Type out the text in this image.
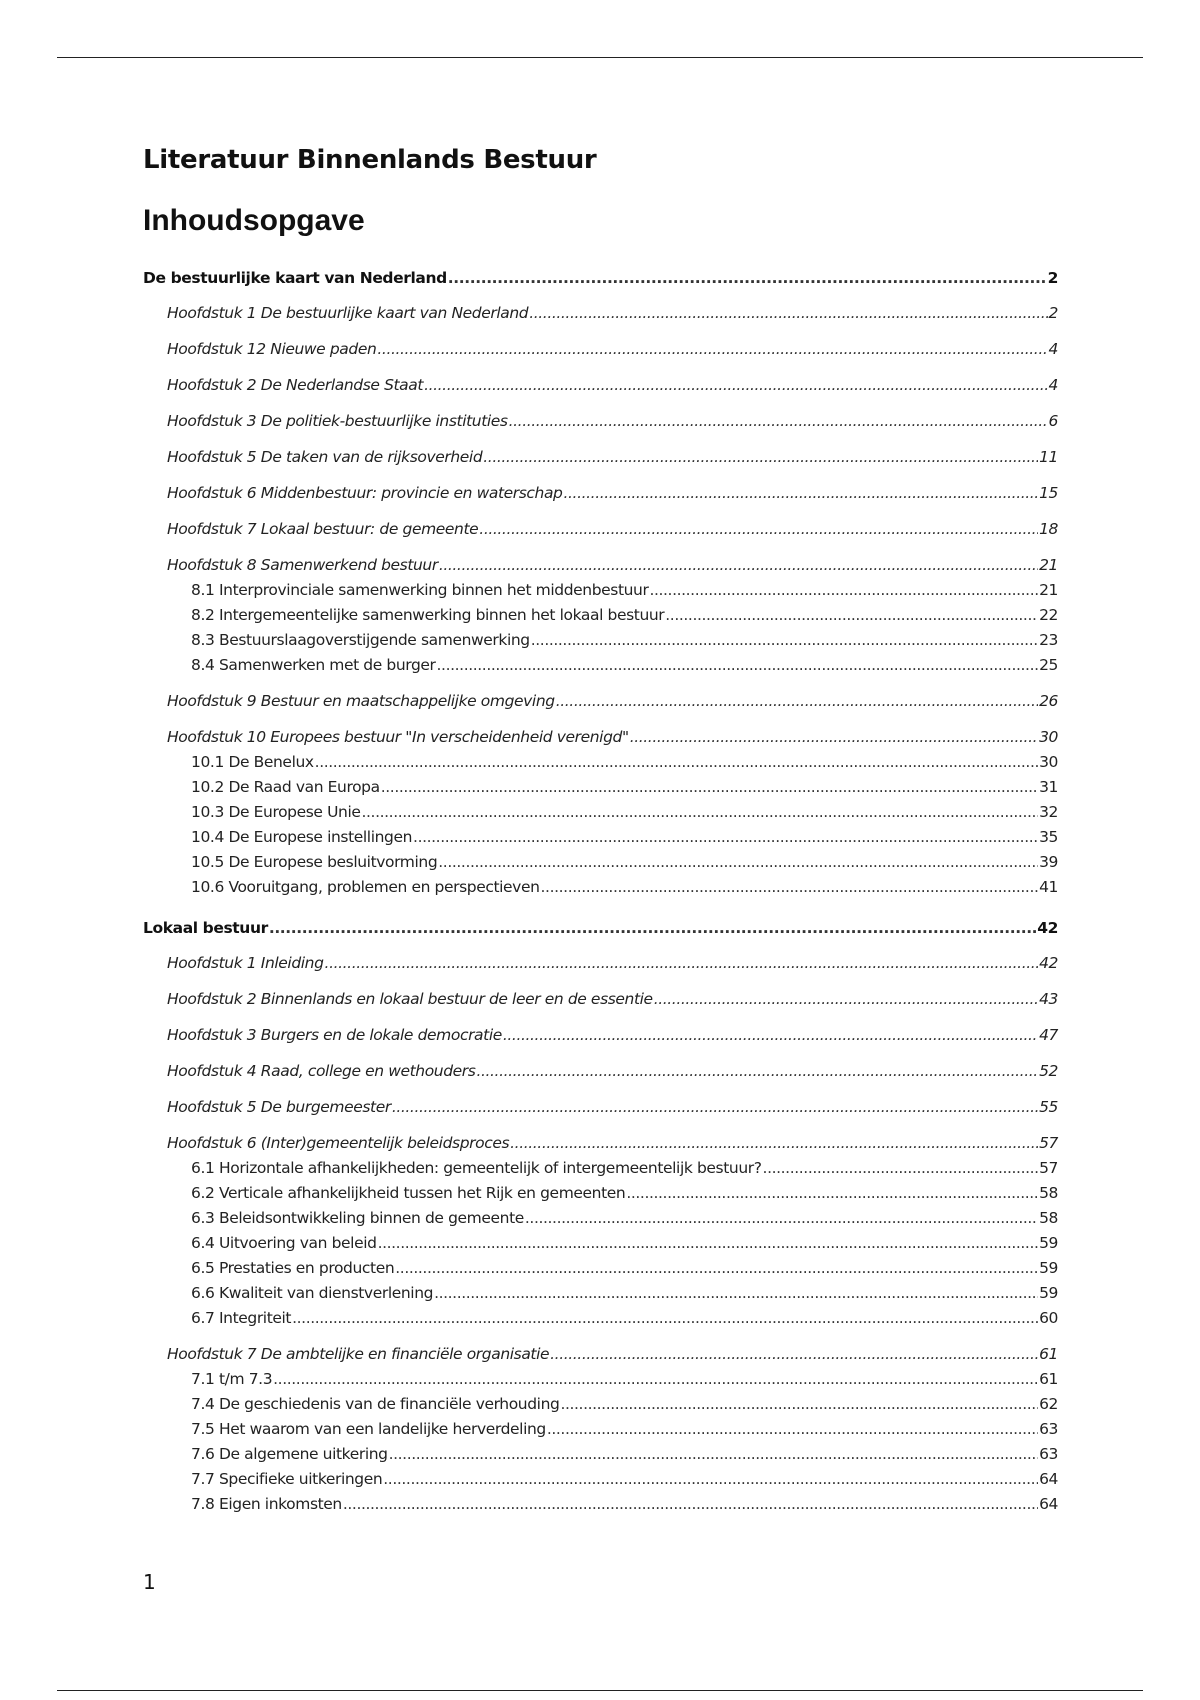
Literatuur Binnenlands Bestuur
Inhoudsopgave
De bestuurlijke kaart van Nederland .....	2
Hoofdstuk 1 De bestuurlijke kaart van Nederland .....	2
Hoofdstuk 12 Nieuwe paden .....	4
Hoofdstuk 2 De Nederlandse Staat .....	4
Hoofdstuk 3 De politiek-bestuurlijke instituties .....	6
Hoofdstuk 5 De taken van de rijksoverheid .....	11
Hoofdstuk 6 Middenbestuur: provincie en waterschap .....	15
Hoofdstuk 7 Lokaal bestuur: de gemeente .....	18
Hoofdstuk 8 Samenwerkend bestuur .....	21
8.1 Interprovinciale samenwerking binnen het middenbestuur .....	21
8.2 Intergemeentelijke samenwerking binnen het lokaal bestuur .....	22
8.3 Bestuurslaagoverstijgende samenwerking .....	23
8.4 Samenwerken met de burger .....	25
Hoofdstuk 9 Bestuur en maatschappelijke omgeving .....	26
Hoofdstuk 10 Europees bestuur "In verscheidenheid verenigd" .....	30
10.1 De Benelux .....	30
10.2 De Raad van Europa .....	31
10.3 De Europese Unie .....	32
10.4 De Europese instellingen .....	35
10.5 De Europese besluitvorming .....	39
10.6 Vooruitgang, problemen en perspectieven .....	41
Lokaal bestuur .....	42
Hoofdstuk 1 Inleiding .....	42
Hoofdstuk 2 Binnenlands en lokaal bestuur de leer en de essentie .....	43
Hoofdstuk 3 Burgers en de lokale democratie .....	47
Hoofdstuk 4 Raad, college en wethouders .....	52
Hoofdstuk 5 De burgemeester .....	55
Hoofdstuk 6 (Inter)gemeentelijk beleidsproces .....	57
6.1 Horizontale afhankelijkheden: gemeentelijk of intergemeentelijk bestuur? .....	57
6.2 Verticale afhankelijkheid tussen het Rijk en gemeenten .....	58
6.3 Beleidsontwikkeling binnen de gemeente .....	58
6.4 Uitvoering van beleid .....	59
6.5 Prestaties en producten .....	59
6.6 Kwaliteit van dienstverlening .....	59
6.7 Integriteit .....	60
Hoofdstuk 7 De ambtelijke en financiële organisatie .....	61
7.1 t/m 7.3 .....	61
7.4 De geschiedenis van de financiële verhouding .....	62
7.5 Het waarom van een landelijke herverdeling .....	63
7.6 De algemene uitkering .....	63
7.7 Specifieke uitkeringen .....	64
7.8 Eigen inkomsten .....	64
1
